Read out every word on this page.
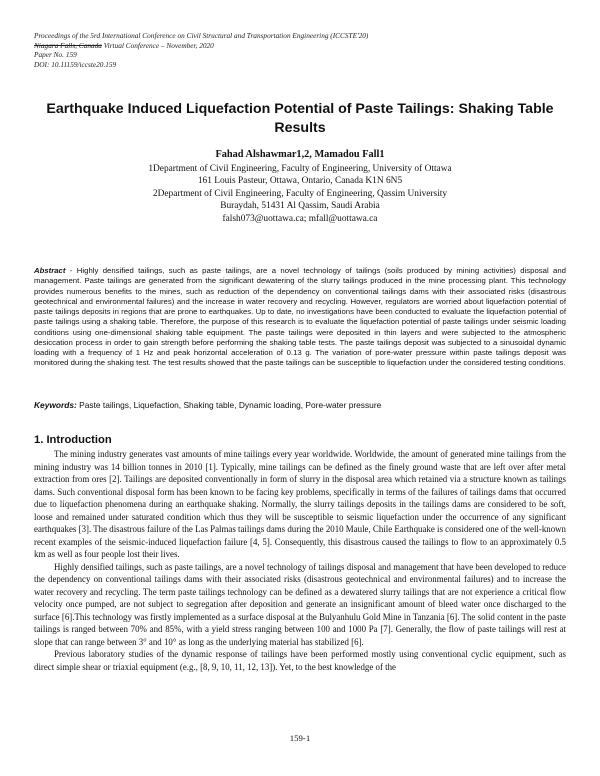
Proceedings of the 5rd International Conference on Civil Structural and Transportation Engineering (ICCSTE'20)
Niagara Falls, Canada Virtual Conference – November, 2020
Paper No. 159
DOI: 10.11159/iccste20.159
Earthquake Induced Liquefaction Potential of Paste Tailings: Shaking Table Results
Fahad Alshawmar1,2, Mamadou Fall1
1Department of Civil Engineering, Faculty of Engineering, University of Ottawa
161 Louis Pasteur, Ottawa, Ontario, Canada K1N 6N5
2Department of Civil Engineering, Faculty of Engineering, Qassim University
Buraydah, 51431 Al Qassim, Saudi Arabia
falsh073@uottawa.ca; mfall@uottawa.ca
Abstract - Highly densified tailings, such as paste tailings, are a novel technology of tailings (soils produced by mining activities) disposal and management. Paste tailings are generated from the significant dewatering of the slurry tailings produced in the mine processing plant. This technology provides numerous benefits to the mines, such as reduction of the dependency on conventional tailings dams with their associated risks (disastrous geotechnical and environmental failures) and the increase in water recovery and recycling. However, regulators are worried about liquefaction potential of paste tailings deposits in regions that are prone to earthquakes. Up to date, no investigations have been conducted to evaluate the liquefaction potential of paste tailings using a shaking table. Therefore, the purpose of this research is to evaluate the liquefaction potential of paste tailings under seismic loading conditions using one-dimensional shaking table equipment. The paste tailings were deposited in thin layers and were subjected to the atmospheric desiccation process in order to gain strength before performing the shaking table tests. The paste tailings deposit was subjected to a sinusoidal dynamic loading with a frequency of 1 Hz and peak horizontal acceleration of 0.13 g. The variation of pore-water pressure within paste tailings deposit was monitored during the shaking test. The test results showed that the paste tailings can be susceptible to liquefaction under the considered testing conditions.
Keywords: Paste tailings, Liquefaction, Shaking table, Dynamic loading, Pore-water pressure
1. Introduction

The mining industry generates vast amounts of mine tailings every year worldwide. Worldwide, the amount of generated mine tailings from the mining industry was 14 billion tonnes in 2010 [1]. Typically, mine tailings can be defined as the finely ground waste that are left over after metal extraction from ores [2]. Tailings are deposited conventionally in form of slurry in the disposal area which retained via a structure known as tailings dams. Such conventional disposal form has been known to be facing key problems, specifically in terms of the failures of tailings dams that occurred due to liquefaction phenomena during an earthquake shaking. Normally, the slurry tailings deposits in the tailings dams are considered to be soft, loose and remained under saturated condition which thus they will be susceptible to seismic liquefaction under the occurrence of any significant earthquakes [3]. The disastrous failure of the Las Palmas tailings dams during the 2010 Maule, Chile Earthquake is considered one of the well-known recent examples of the seismic-induced liquefaction failure [4, 5]. Consequently, this disastrous caused the tailings to flow to an approximately 0.5 km as well as four people lost their lives.

Highly densified tailings, such as paste tailings, are a novel technology of tailings disposal and management that have been developed to reduce the dependency on conventional tailings dams with their associated risks (disastrous geotechnical and environmental failures) and to increase the water recovery and recycling. The term paste tailings technology can be defined as a dewatered slurry tailings that are not experience a critical flow velocity once pumped, are not subject to segregation after deposition and generate an insignificant amount of bleed water once discharged to the surface [6].This technology was firstly implemented as a surface disposal at the Bulyanhulu Gold Mine in Tanzania [6]. The solid content in the paste tailings is ranged between 70% and 85%, with a yield stress ranging between 100 and 1000 Pa [7]. Generally, the flow of paste tailings will rest at slope that can range between 3° and 10° as long as the underlying material has stabilized [6].

Previous laboratory studies of the dynamic response of tailings have been performed mostly using conventional cyclic equipment, such as direct simple shear or triaxial equipment (e.g., [8, 9, 10, 11, 12, 13]). Yet, to the best knowledge of the

159-1
